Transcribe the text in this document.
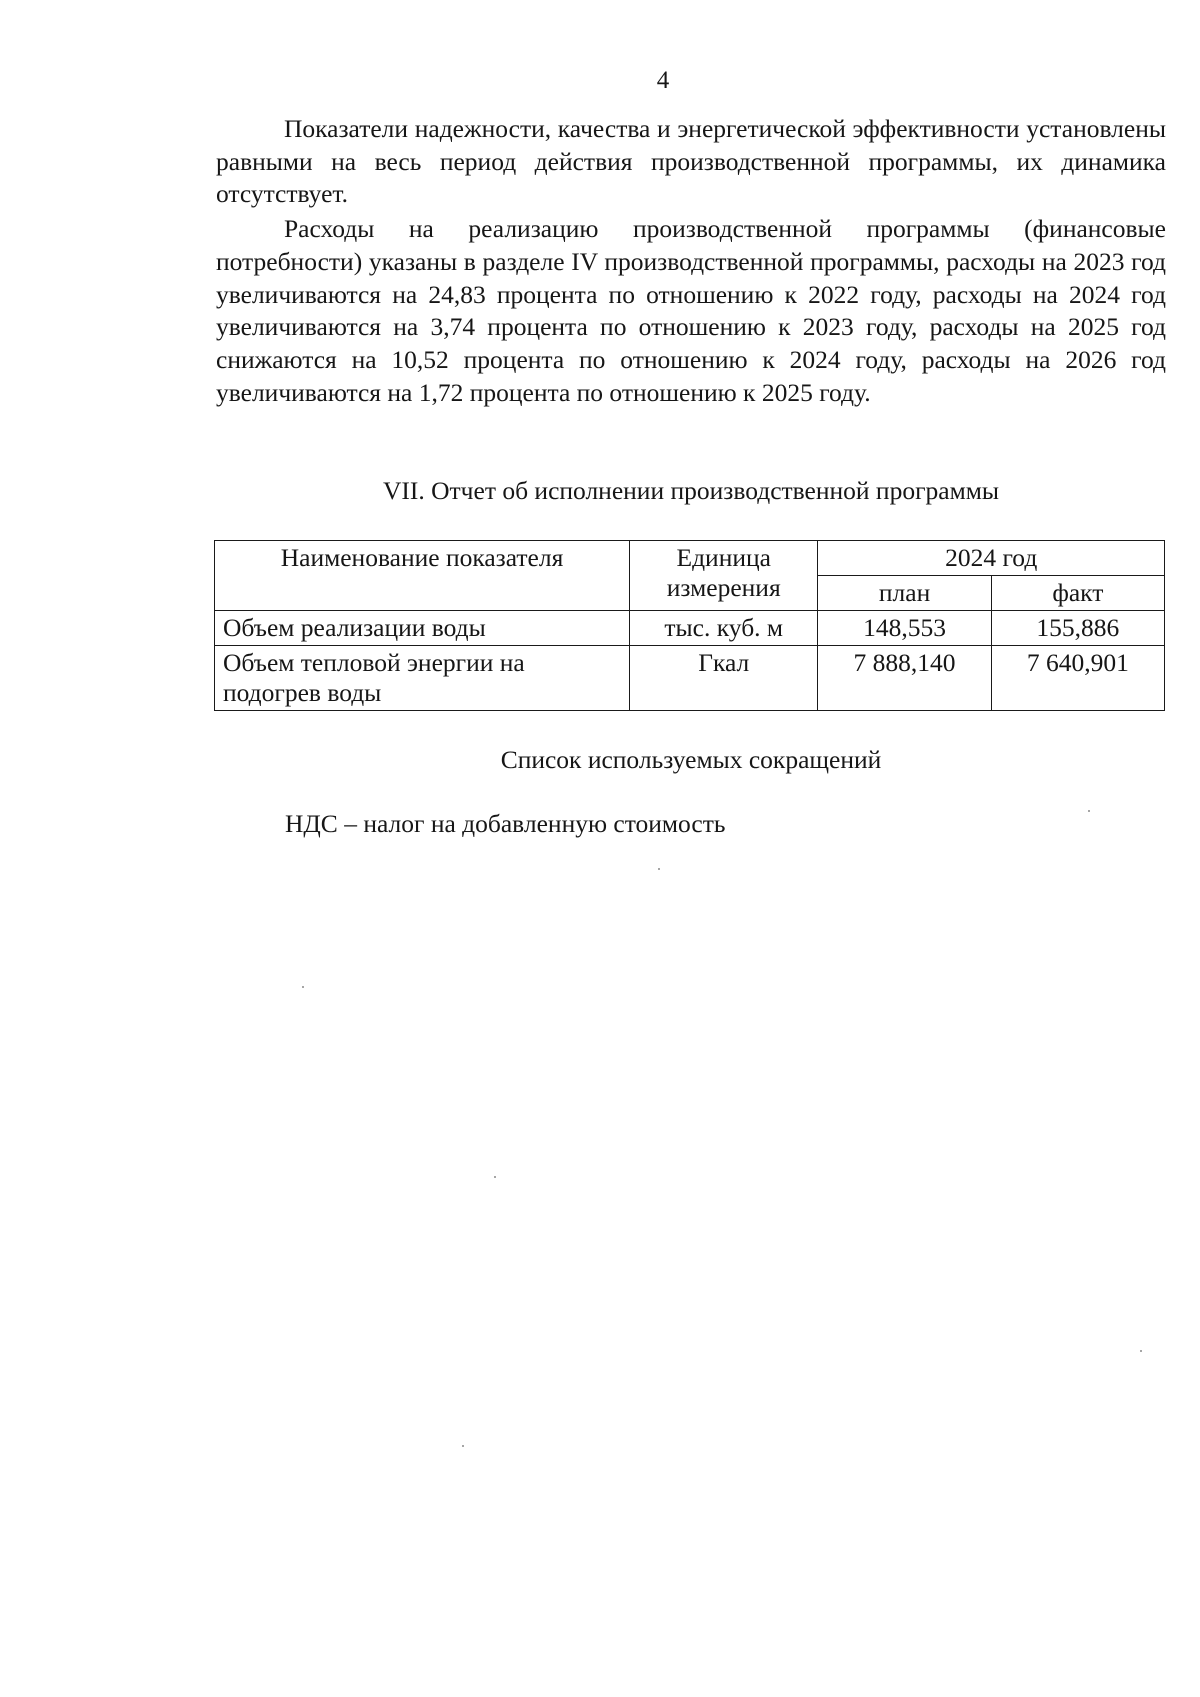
4

Показатели надежности, качества и энергетической эффективности установлены равными на весь период действия производственной программы, их динамика отсутствует.

Расходы на реализацию производственной программы (финансовые потребности) указаны в разделе IV производственной программы, расходы на 2023 год увеличиваются на 24,83 процента по отношению к 2022 году, расходы на 2024 год увеличиваются на 3,74 процента по отношению к 2023 году, расходы на 2025 год снижаются на 10,52 процента по отношению к 2024 году, расходы на 2026 год увеличиваются на 1,72 процента по отношению к 2025 году.

VII. Отчет об исполнении производственной программы
Наименование показателя	Единица измерения	2024 год	
		план	факт
Объем реализации воды	тыс. куб. м	148,553	155,886
Объем тепловой энергии на подогрев воды	Гкал	7 888,140	7 640,901
Список используемых сокращений
НДС – налог на добавленную стоимость
